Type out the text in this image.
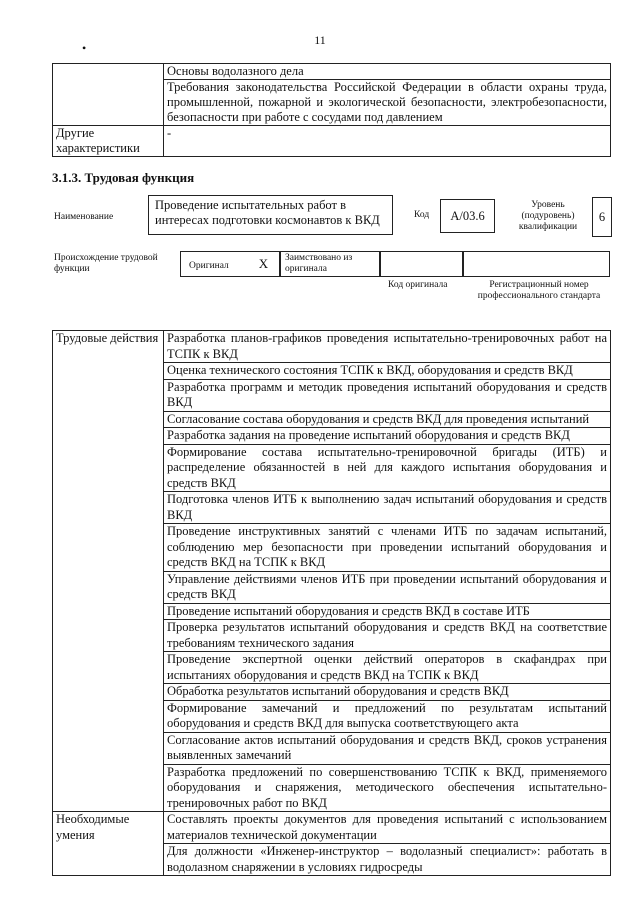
11
•
	Основы водолазного дела
	Требования законодательства Российской Федерации в области охраны труда, промышленной, пожарной и экологической безопасности, электробезопасности, безопасности при работе с сосудами под давлением
Другие характеристики	-
3.1.3. Трудовая функция
Наименование
Проведение испытательных работ в интересах подготовки космонавтов к ВКД	Код	A/03.6
Уровень (подуровень) квалификации
6
Происхождение трудовой функции	Оригинал	X	Заимствовано из оригинала
Код оригинала	Регистрационный номер профессионального стандарта
Трудовые действия	Разработка планов-графиков проведения испытательно-тренировочных работ на ТСПК к ВКД
	Оценка технического состояния ТСПК к ВКД, оборудования и средств ВКД
	Разработка программ и методик проведения испытаний оборудования и средств ВКД
	Согласование состава оборудования и средств ВКД для проведения испытаний
	Разработка задания на проведение испытаний оборудования и средств ВКД
	Формирование состава испытательно-тренировочной бригады (ИТБ) и распределение обязанностей в ней для каждого испытания оборудования и средств ВКД
	Подготовка членов ИТБ к выполнению задач испытаний оборудования и средств ВКД
	Проведение инструктивных занятий с членами ИТБ по задачам испытаний, соблюдению мер безопасности при проведении испытаний оборудования и средств ВКД на ТСПК к ВКД
	Управление действиями членов ИТБ при проведении испытаний оборудования и средств ВКД
	Проведение испытаний оборудования и средств ВКД в составе ИТБ
	Проверка результатов испытаний оборудования и средств ВКД на соответствие требованиям технического задания
	Проведение экспертной оценки действий операторов в скафандрах при испытаниях оборудования и средств ВКД на ТСПК к ВКД
	Обработка результатов испытаний оборудования и средств ВКД
	Формирование замечаний и предложений по результатам испытаний оборудования и средств ВКД для выпуска соответствующего акта
	Согласование актов испытаний оборудования и средств ВКД, сроков устранения выявленных замечаний
	Разработка предложений по совершенствованию ТСПК к ВКД, применяемого оборудования и снаряжения, методического обеспечения испытательно-тренировочных работ по ВКД
Необходимые умения	Составлять проекты документов для проведения испытаний с использованием материалов технической документации
	Для должности «Инженер-инструктор – водолазный специалист»: работать в водолазном снаряжении в условиях гидросреды
